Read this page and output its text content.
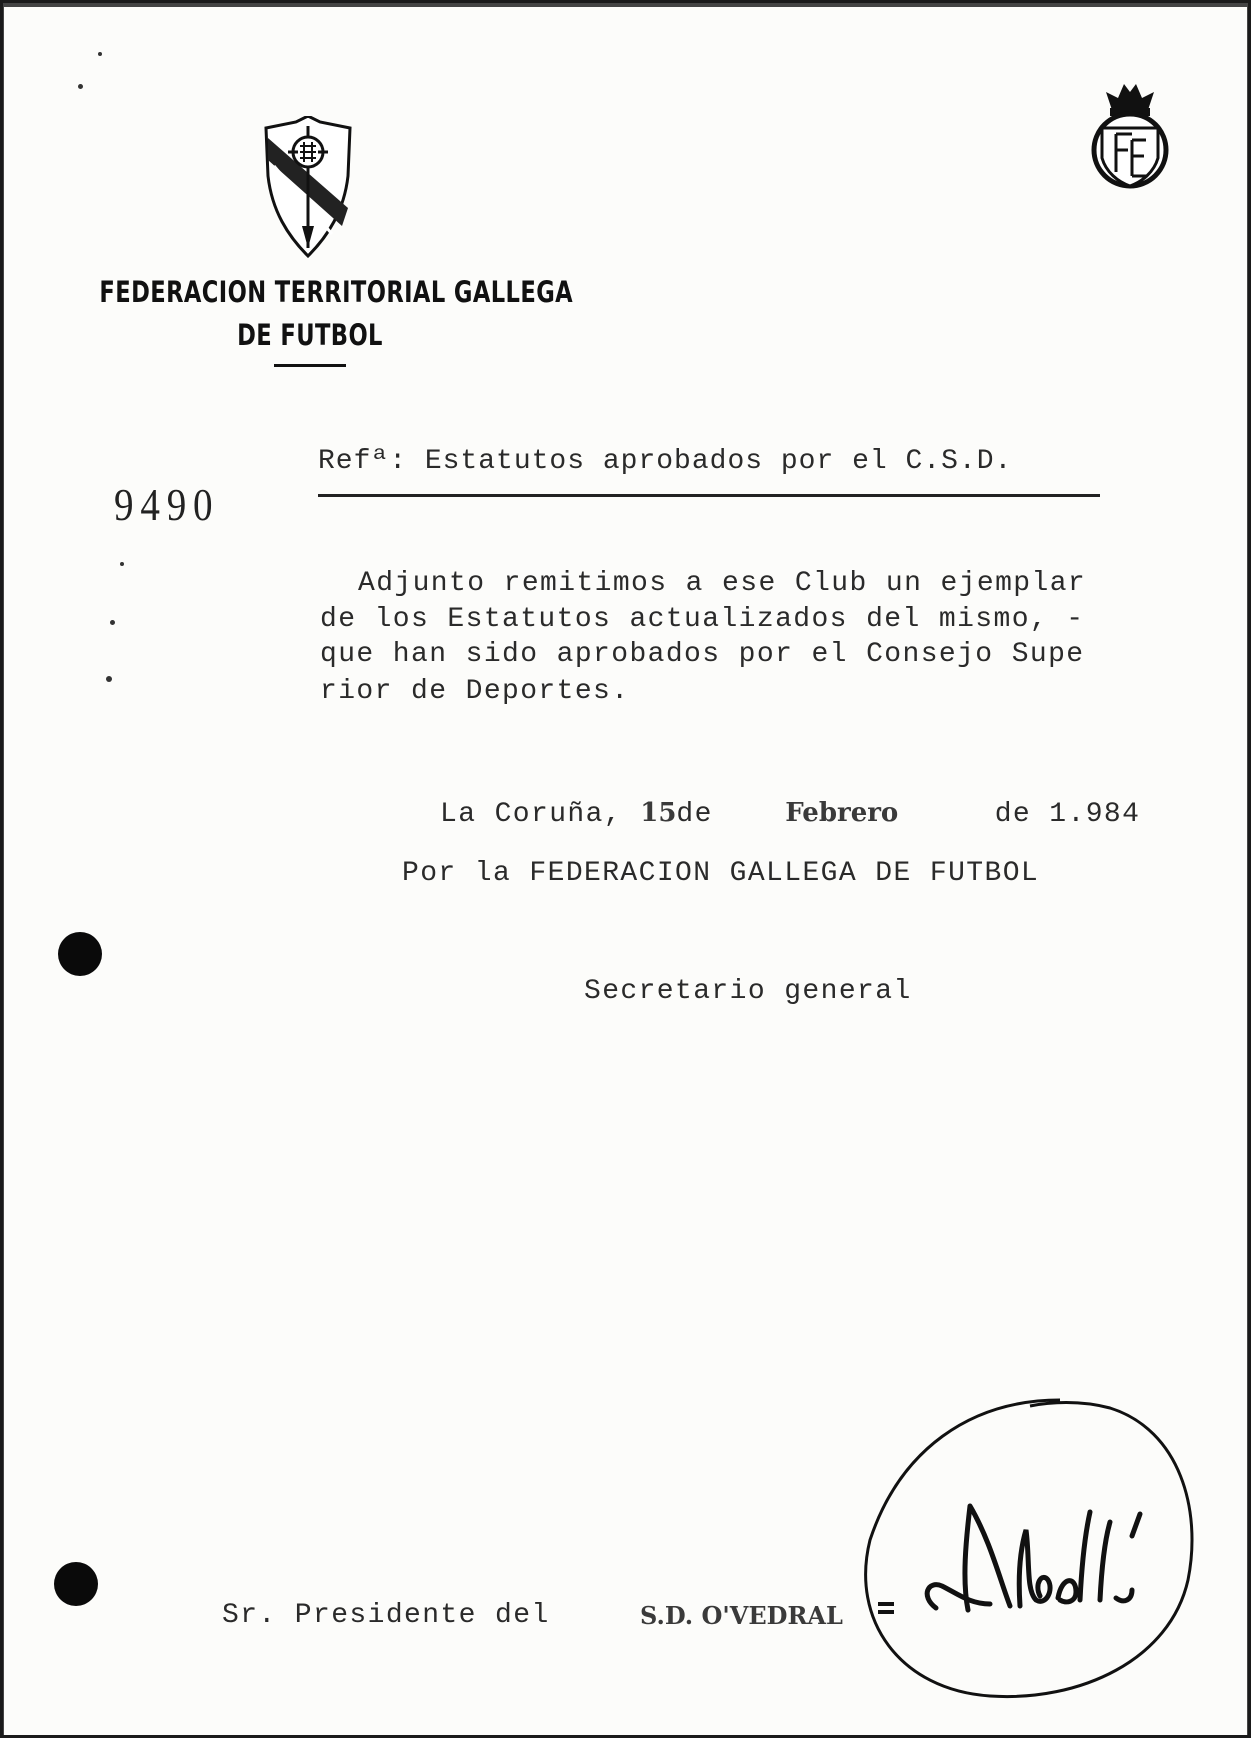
FEDERACION TERRITORIAL GALLEGA
DE FUTBOL
9490
Refª: Estatutos aprobados por el C.S.D.
Adjunto remitimos a ese Club un ejemplar
de los Estatutos actualizados del mismo, -
que han sido aprobados por el Consejo Supe
rior de Deportes.
La Coruña, 15de	Febrero	de 1.984
Por la FEDERACION GALLEGA DE FUTBOL
Secretario general
Sr. Presidente del	S.D. O'VEDRAL
